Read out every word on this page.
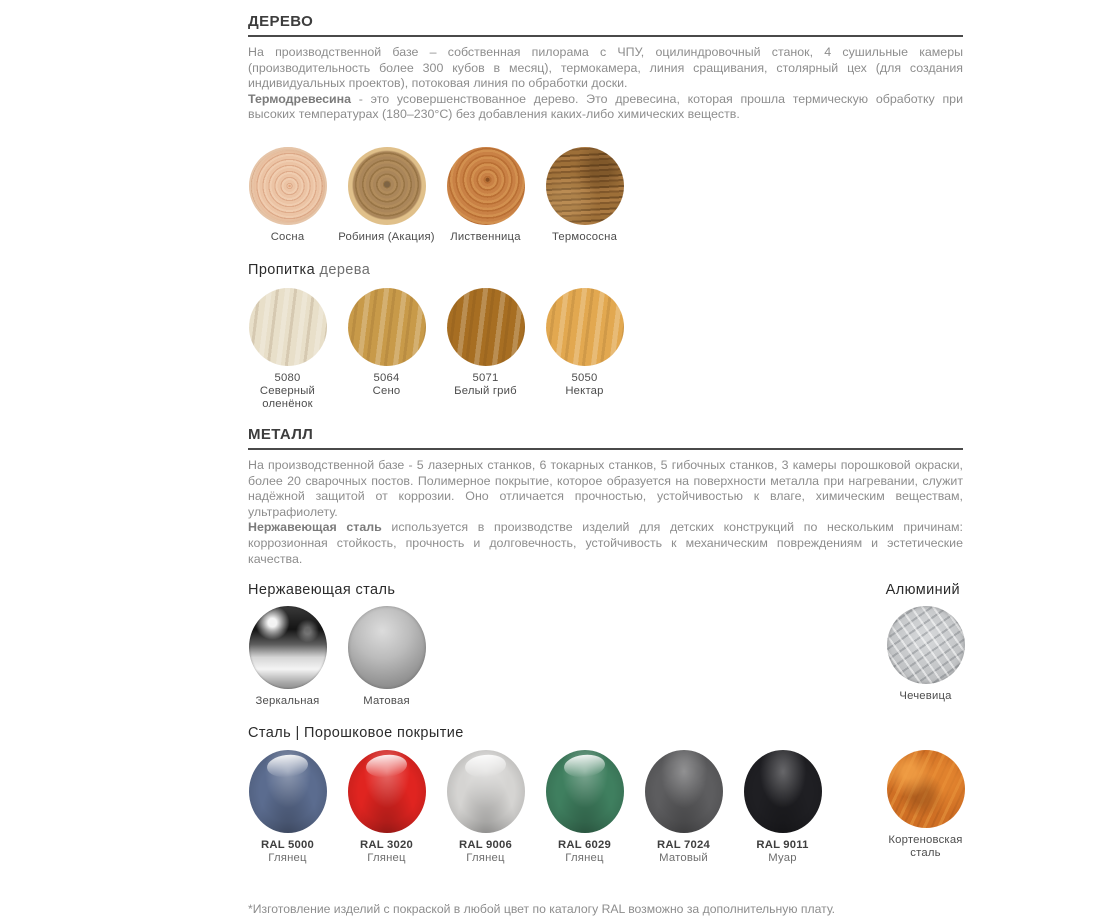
ДЕРЕВО

На производственной базе – собственная пилорама с ЧПУ, оцилиндровочный станок, 4 сушильные камеры (производительность более 300 кубов в месяц), термокамера, линия сращивания, столярный цех (для создания индивидуальных проектов), потоковая линия по обработки доски.
Термодревесина - это усовершенствованное дерево. Это древесина, которая прошла термическую обработку при высоких температурах (180–230°С) без добавления каких-либо химических веществ.

Сосна	Робиния (Акация) Лиственница	Термососна
Пропитка дерева
5080
Северный оленёнок
5064
Сено
5071
Белый гриб
5050
Нектар
МЕТАЛЛ

На производственной базе - 5 лазерных станков, 6 токарных станков, 5 гибочных станков, 3 камеры порошковой окраски, более 20 сварочных постов. Полимерное покрытие, которое образуется на поверхности металла при нагревании, служит надёжной защитой от коррозии. Оно отличается прочностью, устойчивостью к влаге, химическим веществам, ультрафиолету.
Нержавеющая сталь используется в производстве изделий для детских конструкций по нескольким причинам: коррозионная стойкость, прочность и долговечность, устойчивость к механическим повреждениям и эстетические качества.

Нержавеющая сталь	Алюминий
Зеркальная	Матовая	Чечевица
Сталь | Порошковое покрытие
RAL 5000
Глянец
RAL 3020
Глянец
RAL 9006
Глянец
RAL 6029
Глянец
RAL 7024
Матовый
RAL 9011
Муар
Кортеновская
сталь

*Изготовление изделий с покраской в любой цвет по каталогу RAL возможно за дополнительную плату.
